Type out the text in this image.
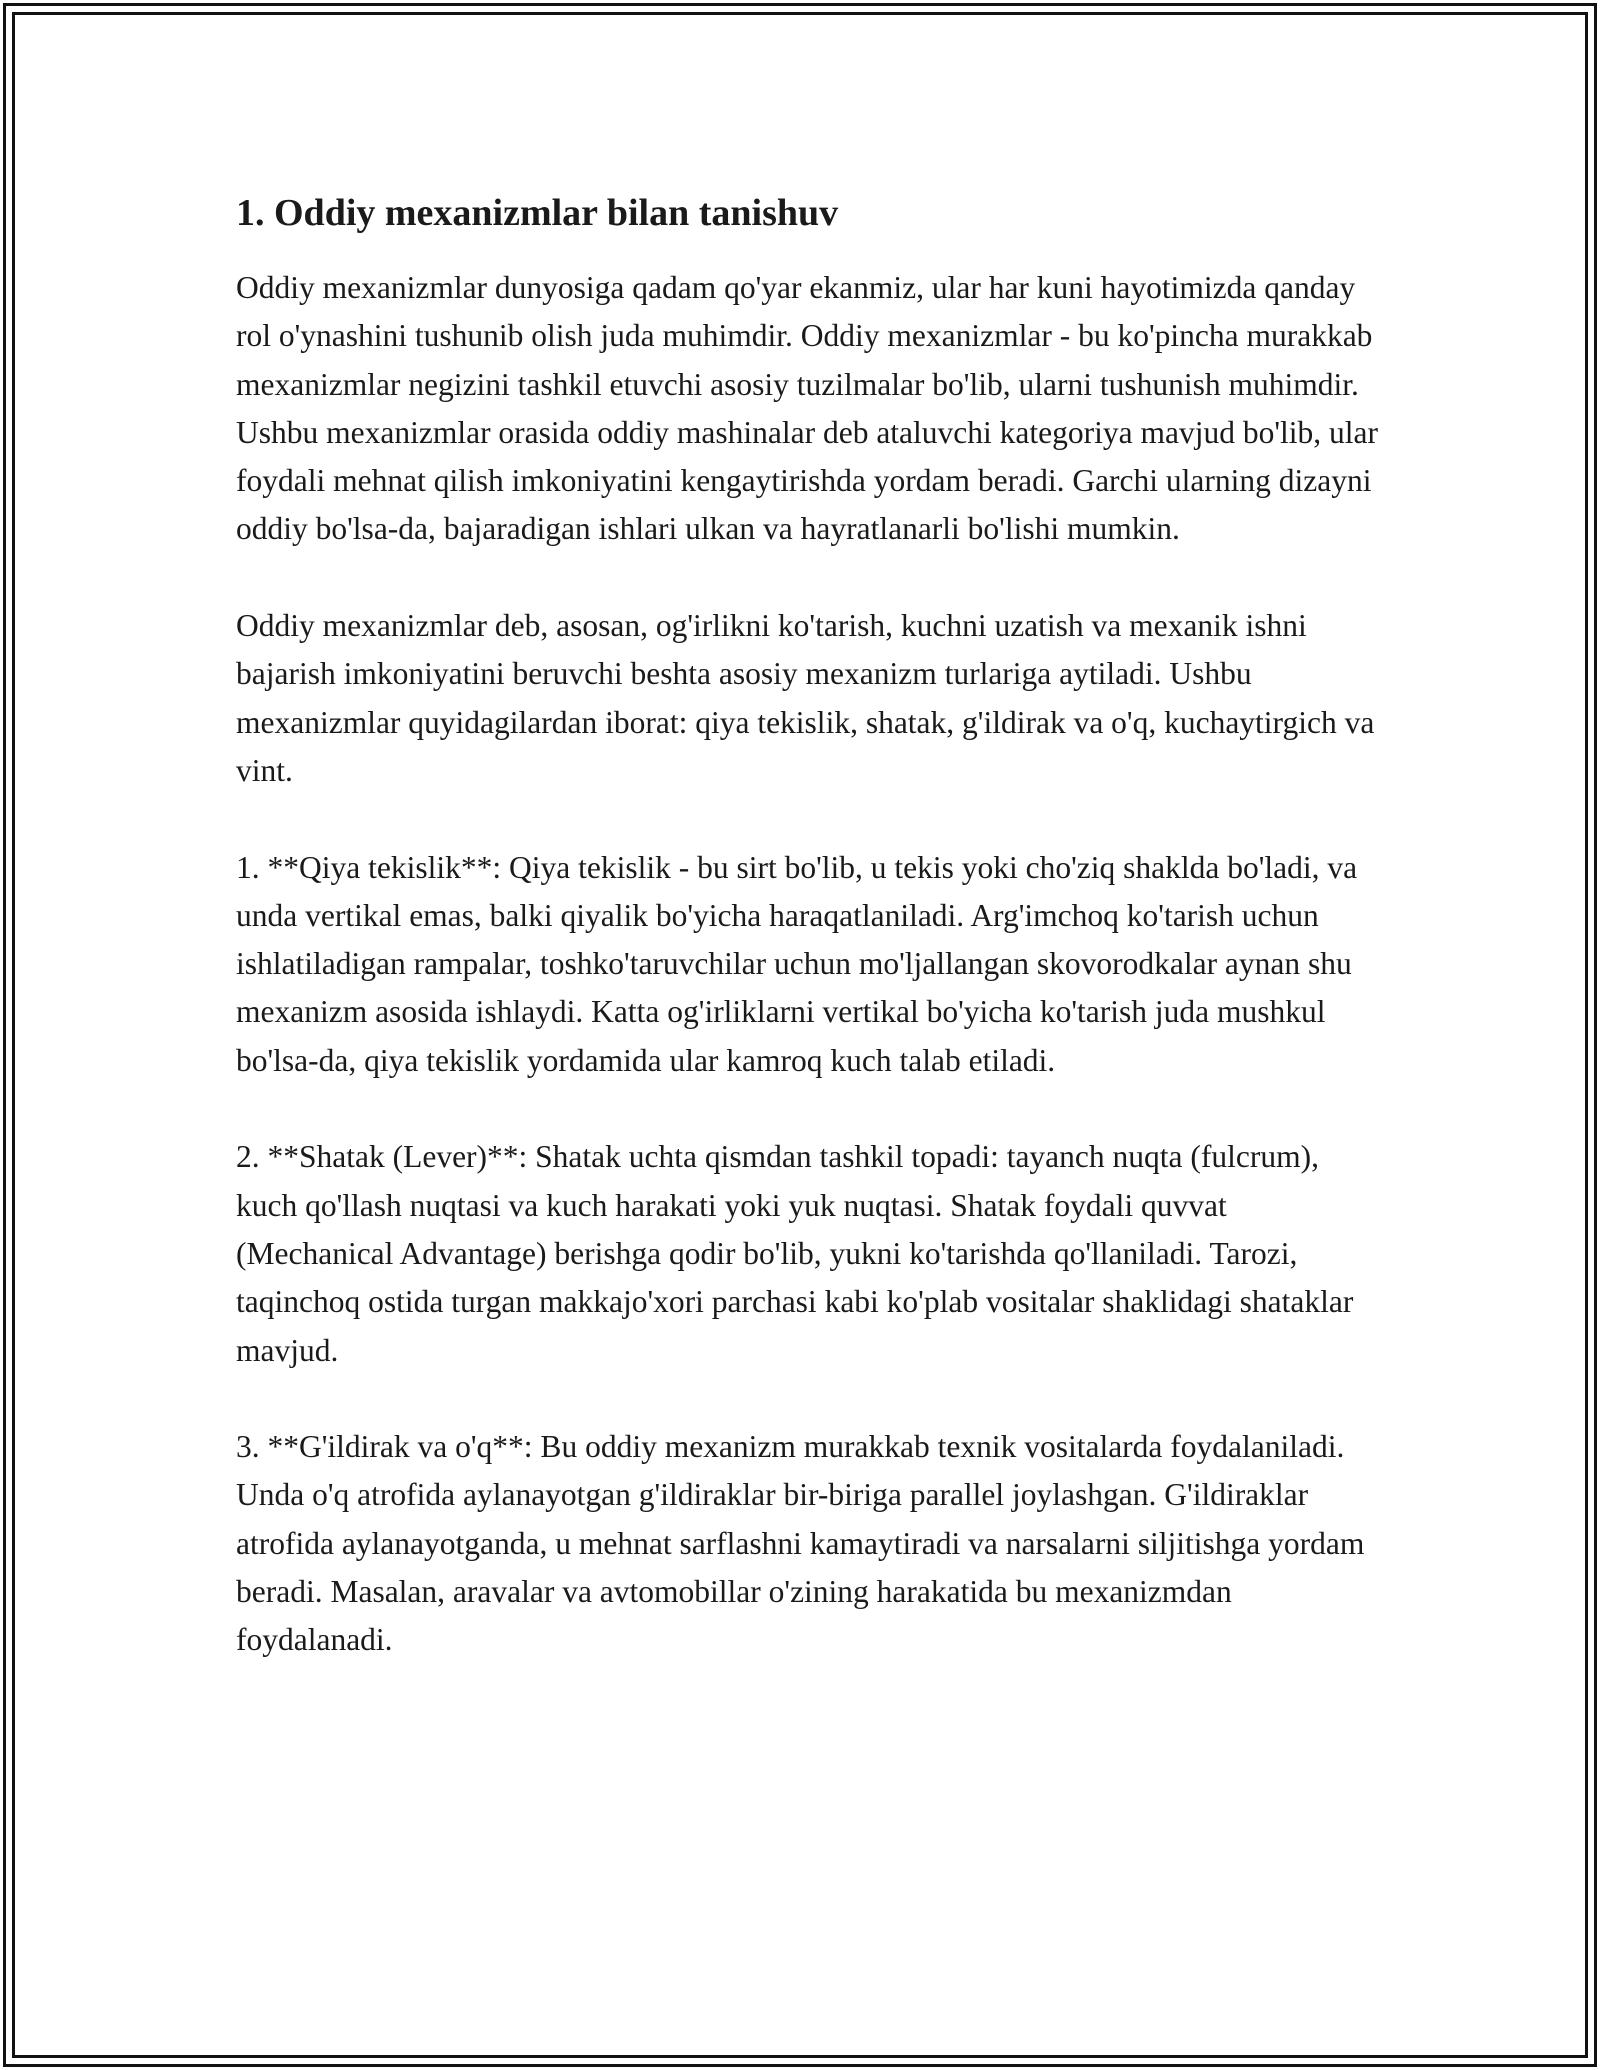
1. Oddiy mexanizmlar bilan tanishuv

Oddiy mexanizmlar dunyosiga qadam qo'yar ekanmiz, ular har kuni hayotimizda qanday rol o'ynashini tushunib olish juda muhimdir. Oddiy mexanizmlar - bu ko'pincha murakkab mexanizmlar negizini tashkil etuvchi asosiy tuzilmalar bo'lib, ularni tushunish muhimdir. Ushbu mexanizmlar orasida oddiy mashinalar deb ataluvchi kategoriya mavjud bo'lib, ular foydali mehnat qilish imkoniyatini kengaytirishda yordam beradi. Garchi ularning dizayni oddiy bo'lsa-da, bajaradigan ishlari ulkan va hayratlanarli bo'lishi mumkin.

Oddiy mexanizmlar deb, asosan, og'irlikni ko'tarish, kuchni uzatish va mexanik ishni bajarish imkoniyatini beruvchi beshta asosiy mexanizm turlariga aytiladi. Ushbu mexanizmlar quyidagilardan iborat: qiya tekislik, shatak, g'ildirak va o'q, kuchaytirgich va vint.

1. **Qiya tekislik**: Qiya tekislik - bu sirt bo'lib, u tekis yoki cho'ziq shaklda bo'ladi, va unda vertikal emas, balki qiyalik bo'yicha haraqatlaniladi. Arg'imchoq ko'tarish uchun ishlatiladigan rampalar, toshko'taruvchilar uchun mo'ljallangan skovorodkalar aynan shu mexanizm asosida ishlaydi. Katta og'irliklarni vertikal bo'yicha ko'tarish juda mushkul bo'lsa-da, qiya tekislik yordamida ular kamroq kuch talab etiladi.

2. **Shatak (Lever)**: Shatak uchta qismdan tashkil topadi: tayanch nuqta (fulcrum), kuch qo'llash nuqtasi va kuch harakati yoki yuk nuqtasi. Shatak foydali quvvat (Mechanical Advantage) berishga qodir bo'lib, yukni ko'tarishda qo'llaniladi. Tarozi, taqinchoq ostida turgan makkajo'xori parchasi kabi ko'plab vositalar shaklidagi shataklar mavjud.

3. **G'ildirak va o'q**: Bu oddiy mexanizm murakkab texnik vositalarda foydalaniladi. Unda o'q atrofida aylanayotgan g'ildiraklar bir-biriga parallel joylashgan. G'ildiraklar atrofida aylanayotganda, u mehnat sarflashni kamaytiradi va narsalarni siljitishga yordam beradi. Masalan, aravalar va avtomobillar o'zining harakatida bu mexanizmdan foydalanadi.
